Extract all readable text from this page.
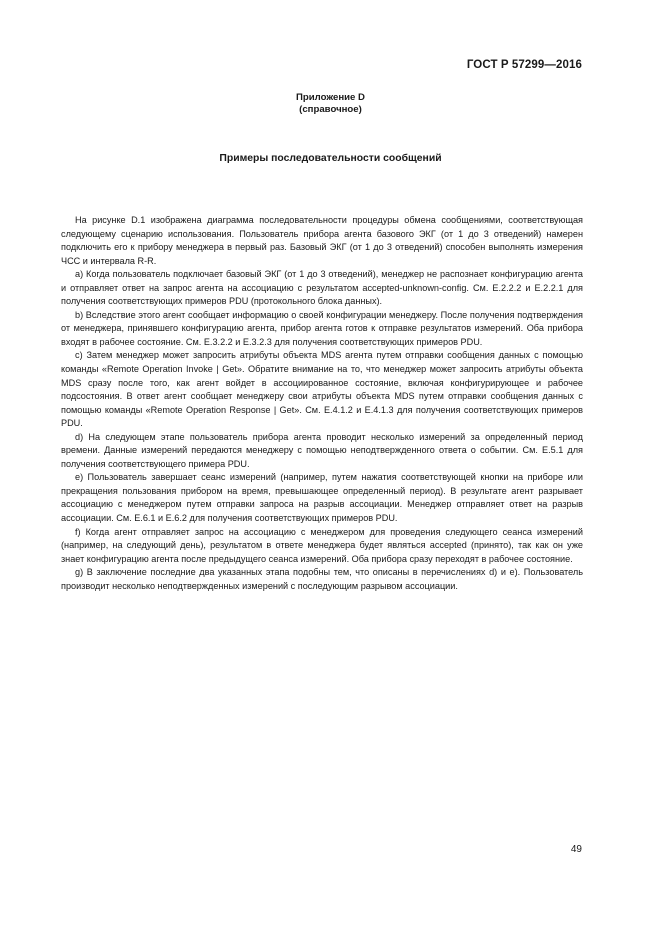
ГОСТ Р 57299—2016
Приложение D
(справочное)
Примеры последовательности сообщений

На рисунке D.1 изображена диаграмма последовательности процедуры обмена сообщениями, соответствующая следующему сценарию использования. Пользователь прибора агента базового ЭКГ (от 1 до 3 отведений) намерен подключить его к прибору менеджера в первый раз. Базовый ЭКГ (от 1 до 3 отведений) способен выполнять измерения ЧСС и интервала R-R.

а) Когда пользователь подключает базовый ЭКГ (от 1 до 3 отведений), менеджер не распознает конфигурацию агента и отправляет ответ на запрос агента на ассоциацию с результатом accepted-unknown-config. См. Е.2.2.2 и Е.2.2.1 для получения соответствующих примеров PDU (протокольного блока данных).

b) Вследствие этого агент сообщает информацию о своей конфигурации менеджеру. После получения подтверждения от менеджера, принявшего конфигурацию агента, прибор агента готов к отправке результатов измерений. Оба прибора входят в рабочее состояние. См. Е.3.2.2 и Е.3.2.3 для получения соответствующих примеров PDU.

с) Затем менеджер может запросить атрибуты объекта MDS агента путем отправки сообщения данных с помощью команды «Remote Operation Invoke | Get». Обратите внимание на то, что менеджер может запросить атрибуты объекта MDS сразу после того, как агент войдет в ассоциированное состояние, включая конфигурирующее и рабочее подсостояния. В ответ агент сообщает менеджеру свои атрибуты объекта MDS путем отправки сообщения данных с помощью команды «Remote Operation Response | Get». См. Е.4.1.2 и Е.4.1.3 для получения соответствующих примеров PDU.

d) На следующем этапе пользователь прибора агента проводит несколько измерений за определенный период времени. Данные измерений передаются менеджеру с помощью неподтвержденного ответа о событии. См. Е.5.1 для получения соответствующего примера PDU.

е) Пользователь завершает сеанс измерений (например, путем нажатия соответствующей кнопки на приборе или прекращения пользования прибором на время, превышающее определенный период). В результате агент разрывает ассоциацию с менеджером путем отправки запроса на разрыв ассоциации. Менеджер отправляет ответ на разрыв ассоциации. См. Е.6.1 и Е.6.2 для получения соответствующих примеров PDU.

f) Когда агент отправляет запрос на ассоциацию с менеджером для проведения следующего сеанса измерений (например, на следующий день), результатом в ответе менеджера будет являться accepted (принято), так как он уже знает конфигурацию агента после предыдущего сеанса измерений. Оба прибора сразу переходят в рабочее состояние.

g) В заключение последние два указанных этапа подобны тем, что описаны в перечислениях d) и е). Пользователь производит несколько неподтвержденных измерений с последующим разрывом ассоциации.

49
